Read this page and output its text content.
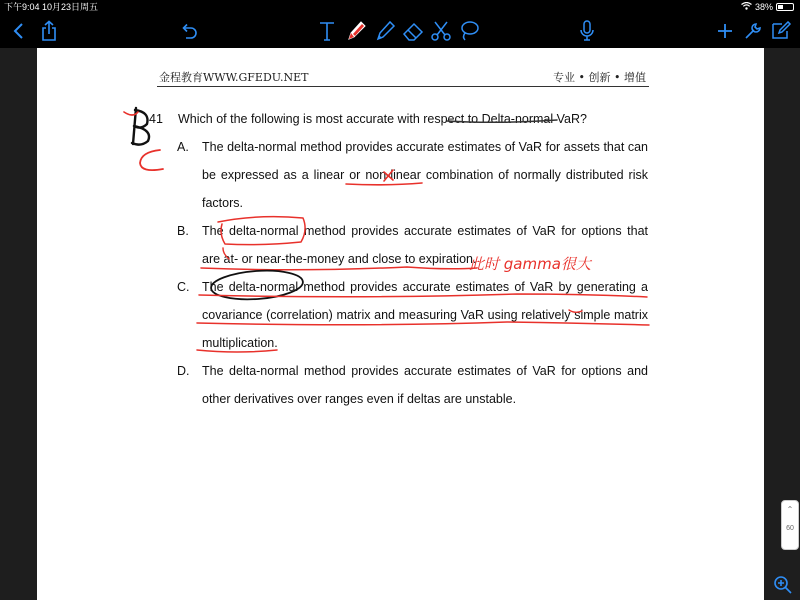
下午9:04 10月23日周五	38%
金程教育WWW.GFEDU.NET	专业 • 创新 • 增值
41 Which of the following is most accurate with respect to Delta-normal VaR?
A. The delta-normal method provides accurate estimates of VaR for assets that can be expressed as a linear or non-linear combination of normally distributed risk factors.
B. The delta-normal method provides accurate estimates of VaR for options that are at- or near-the-money and close to expiration.
C. The delta-normal method provides accurate estimates of VaR by generating a covariance (correlation) matrix and measuring VaR using relatively simple matrix multiplication.
D. The delta-normal method provides accurate estimates of VaR for options and other derivatives over ranges even if deltas are unstable.
此时 gamma很大
⌃
60
